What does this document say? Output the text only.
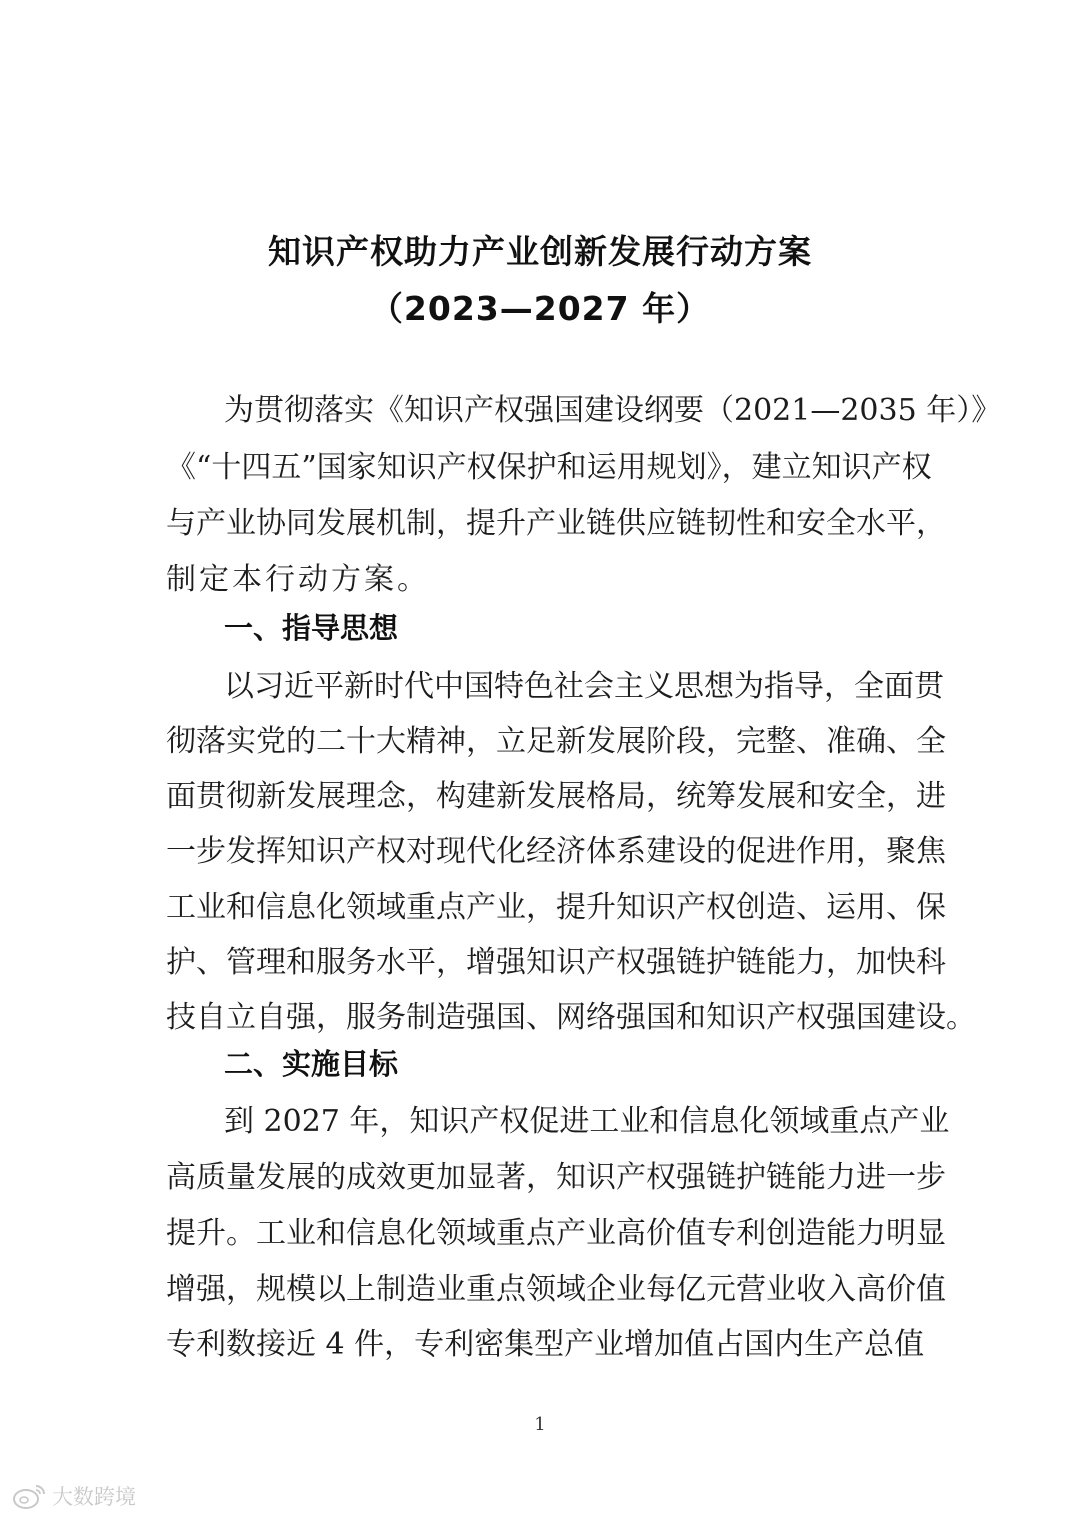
知识产权助力产业创新发展行动方案
（2023—2027 年）
为贯彻落实《知识产权强国建设纲要（2021—2035 年）》
《“十四五”国家知识产权保护和运用规划》，建立知识产权
与产业协同发展机制，提升产业链供应链韧性和安全水平，
制定本行动方案。
一、指导思想
以习近平新时代中国特色社会主义思想为指导，全面贯
彻落实党的二十大精神，立足新发展阶段，完整、准确、全
面贯彻新发展理念，构建新发展格局，统筹发展和安全，进
一步发挥知识产权对现代化经济体系建设的促进作用，聚焦
工业和信息化领域重点产业，提升知识产权创造、运用、保
护、管理和服务水平，增强知识产权强链护链能力，加快科
技自立自强，服务制造强国、网络强国和知识产权强国建设。
二、实施目标
到 2027 年，知识产权促进工业和信息化领域重点产业
高质量发展的成效更加显著，知识产权强链护链能力进一步
提升。工业和信息化领域重点产业高价值专利创造能力明显
增强，规模以上制造业重点领域企业每亿元营业收入高价值
专利数接近 4 件，专利密集型产业增加值占国内生产总值
1
大数跨境
